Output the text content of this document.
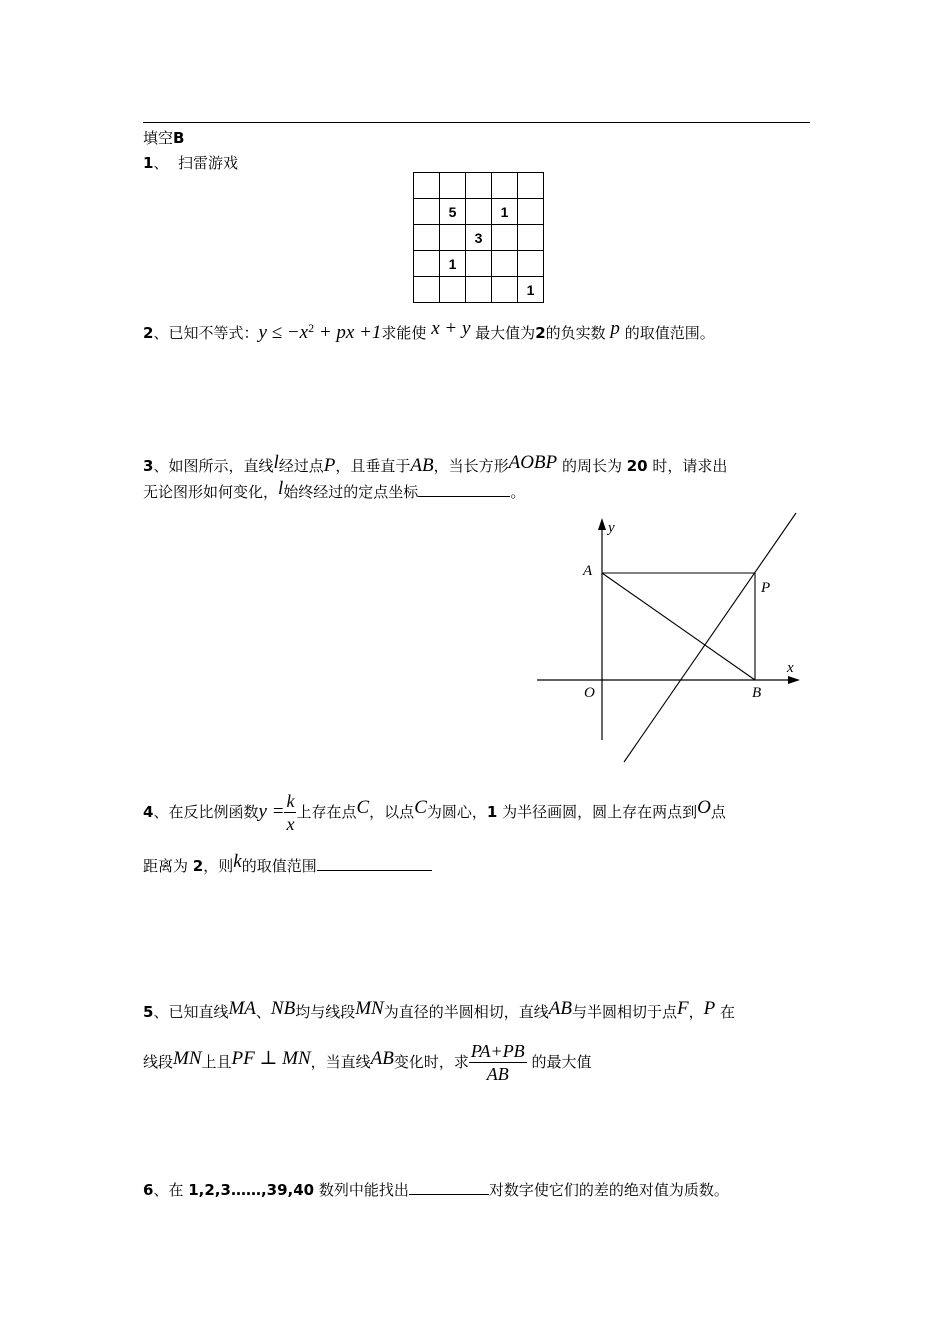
填空B
1、 扫雷游戏

	5		1	
		3		
	1			
				1
2、已知不等式：$y \le -x^2$ + px +1求能使 x + y 最大值为2的负实数 p 的取值范围。
3、如图所示，直线l经过点P，且垂直于AB，当长方形AOBP 的周长为 20 时，请求出
无论图形如何变化，l始终经过的定点坐标	。
y
x
A
P
O	B
4、在反比例函数$y = \frac{k}{x}$ 上存在点C，以点C为圆心，1 为半径画圆，圆上存在两点到O点
距离为 2，则k的取值范围
5、已知直线MA、NB均与线段MN为直径的半圆相切，直线AB与半圆相切于点F，P 在
线段MN上且PF ⊥ MN，当直线AB变化时，求 $\frac{PA+PB}{AB}$ 的最大值
6、在 1,2,3……,39,40 数列中能找出	对数字使它们的差的绝对值为质数。
